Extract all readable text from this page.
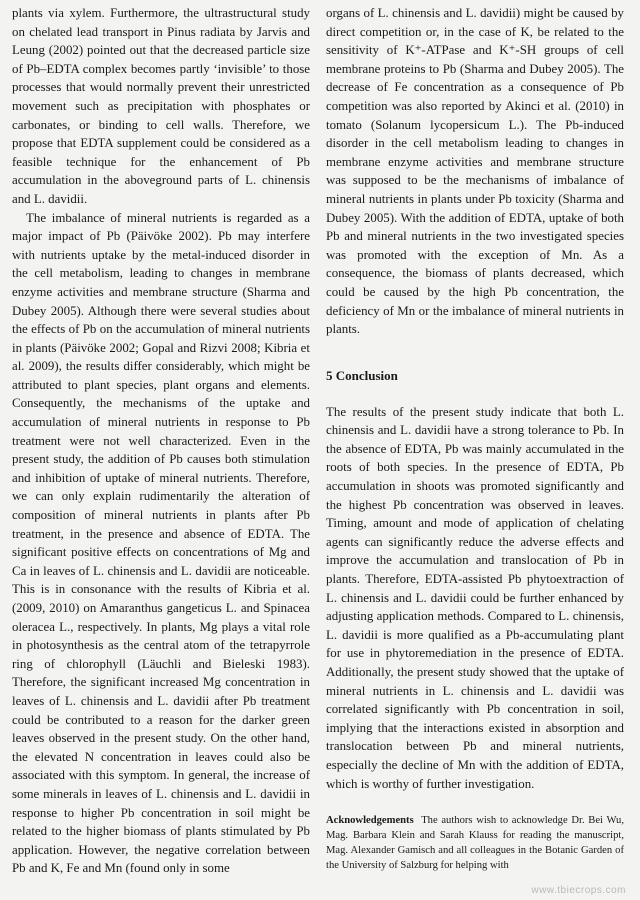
plants via xylem. Furthermore, the ultrastructural study on chelated lead transport in Pinus radiata by Jarvis and Leung (2002) pointed out that the decreased particle size of Pb–EDTA complex becomes partly ‘invisible’ to those processes that would normally prevent their unrestricted movement such as precipitation with phosphates or carbonates, or binding to cell walls. Therefore, we propose that EDTA supplement could be considered as a feasible technique for the enhancement of Pb accumulation in the aboveground parts of L. chinensis and L. davidii.

The imbalance of mineral nutrients is regarded as a major impact of Pb (Päivöke 2002). Pb may interfere with nutrients uptake by the metal-induced disorder in the cell metabolism, leading to changes in membrane enzyme activities and membrane structure (Sharma and Dubey 2005). Although there were several studies about the effects of Pb on the accumulation of mineral nutrients in plants (Päivöke 2002; Gopal and Rizvi 2008; Kibria et al. 2009), the results differ considerably, which might be attributed to plant species, plant organs and elements. Consequently, the mechanisms of the uptake and accumulation of mineral nutrients in response to Pb treatment were not well characterized. Even in the present study, the addition of Pb causes both stimulation and inhibition of uptake of mineral nutrients. Therefore, we can only explain rudimentarily the alteration of composition of mineral nutrients in plants after Pb treatment, in the presence and absence of EDTA. The significant positive effects on concentrations of Mg and Ca in leaves of L. chinensis and L. davidii are noticeable. This is in consonance with the results of Kibria et al. (2009, 2010) on Amaranthus gangeticus L. and Spinacea oleracea L., respectively. In plants, Mg plays a vital role in photosynthesis as the central atom of the tetrapyrrole ring of chlorophyll (Läuchli and Bieleski 1983). Therefore, the significant increased Mg concentration in leaves of L. chinensis and L. davidii after Pb treatment could be contributed to a reason for the darker green leaves observed in the present study. On the other hand, the elevated N concentration in leaves could also be associated with this symptom. In general, the increase of some minerals in leaves of L. chinensis and L. davidii in response to higher Pb concentration in soil might be related to the higher biomass of plants stimulated by Pb application. However, the negative correlation between Pb and K, Fe and Mn (found only in some

organs of L. chinensis and L. davidii) might be caused by direct competition or, in the case of K, be related to the sensitivity of K⁺-ATPase and K⁺-SH groups of cell membrane proteins to Pb (Sharma and Dubey 2005). The decrease of Fe concentration as a consequence of Pb competition was also reported by Akinci et al. (2010) in tomato (Solanum lycopersicum L.). The Pb-induced disorder in the cell metabolism leading to changes in membrane enzyme activities and membrane structure was supposed to be the mechanisms of imbalance of mineral nutrients in plants under Pb toxicity (Sharma and Dubey 2005). With the addition of EDTA, uptake of both Pb and mineral nutrients in the two investigated species was promoted with the exception of Mn. As a consequence, the biomass of plants decreased, which could be caused by the high Pb concentration, the deficiency of Mn or the imbalance of mineral nutrients in plants.

5 Conclusion

The results of the present study indicate that both L. chinensis and L. davidii have a strong tolerance to Pb. In the absence of EDTA, Pb was mainly accumulated in the roots of both species. In the presence of EDTA, Pb accumulation in shoots was promoted significantly and the highest Pb concentration was observed in leaves. Timing, amount and mode of application of chelating agents can significantly reduce the adverse effects and improve the accumulation and translocation of Pb in plants. Therefore, EDTA-assisted Pb phytoextraction of L. chinensis and L. davidii could be further enhanced by adjusting application methods. Compared to L. chinensis, L. davidii is more qualified as a Pb-accumulating plant for use in phytoremediation in the presence of EDTA. Additionally, the present study showed that the uptake of mineral nutrients in L. chinensis and L. davidii was correlated significantly with Pb concentration in soil, implying that the interactions existed in absorption and translocation between Pb and mineral nutrients, especially the decline of Mn with the addition of EDTA, which is worthy of further investigation.

Acknowledgements The authors wish to acknowledge Dr. Bei Wu, Mag. Barbara Klein and Sarah Klauss for reading the manuscript, Mag. Alexander Gamisch and all colleagues in the Botanic Garden of the University of Salzburg for helping with
www.tbiecrops.com
